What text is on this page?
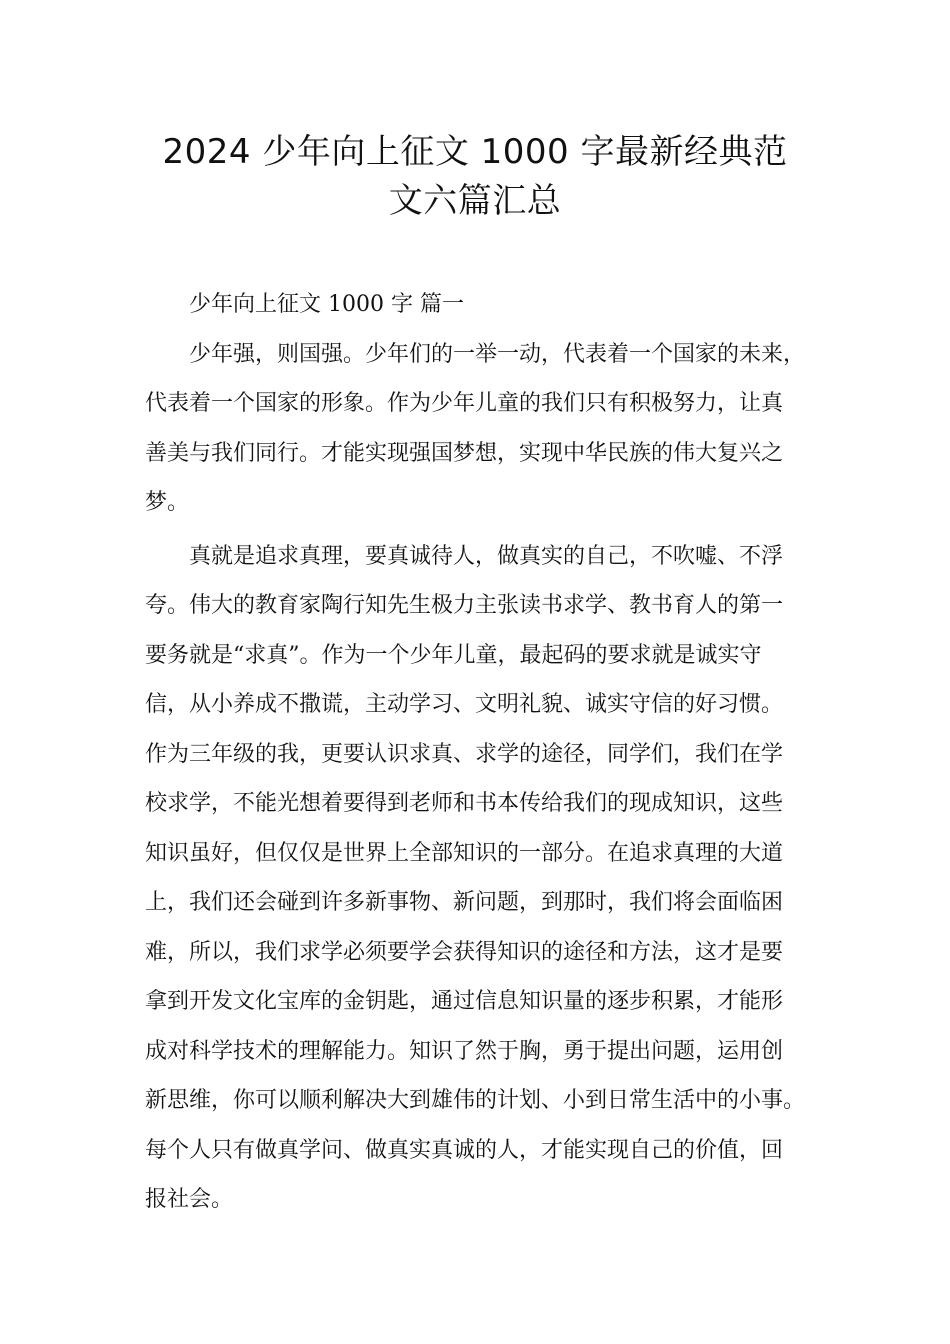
2024 少年向上征文 1000 字最新经典范
文六篇汇总
少年向上征文 1000 字 篇一
少年强，则国强。少年们的一举一动，代表着一个国家的未来，
代表着一个国家的形象。作为少年儿童的我们只有积极努力，让真
善美与我们同行。才能实现强国梦想，实现中华民族的伟大复兴之
梦。
真就是追求真理，要真诚待人，做真实的自己，不吹嘘、不浮
夸。伟大的教育家陶行知先生极力主张读书求学、教书育人的第一
要务就是“求真”。作为一个少年儿童，最起码的要求就是诚实守
信，从小养成不撒谎，主动学习、文明礼貌、诚实守信的好习惯。
作为三年级的我，更要认识求真、求学的途径，同学们，我们在学
校求学，不能光想着要得到老师和书本传给我们的现成知识，这些
知识虽好，但仅仅是世界上全部知识的一部分。在追求真理的大道
上，我们还会碰到许多新事物、新问题，到那时，我们将会面临困
难，所以，我们求学必须要学会获得知识的途径和方法，这才是要
拿到开发文化宝库的金钥匙，通过信息知识量的逐步积累，才能形
成对科学技术的理解能力。知识了然于胸，勇于提出问题，运用创
新思维，你可以顺利解决大到雄伟的计划、小到日常生活中的小事。
每个人只有做真学问、做真实真诚的人，才能实现自己的价值，回
报社会。
